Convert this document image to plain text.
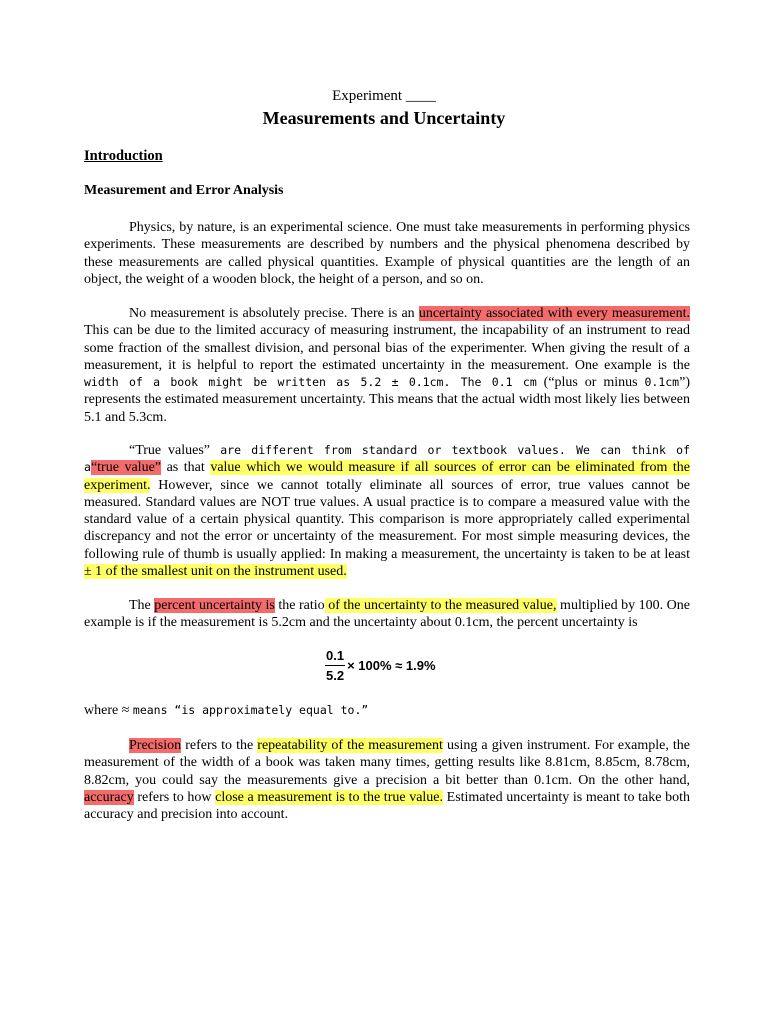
Experiment ____
Measurements and Uncertainty
Introduction
Measurement and Error Analysis

Physics, by nature, is an experimental science. One must take measurements in performing physics experiments. These measurements are described by numbers and the physical phenomena described by these measurements are called physical quantities. Example of physical quantities are the length of an object, the weight of a wooden block, the height of a person, and so on.

No measurement is absolutely precise. There is an uncertainty associated with every measurement. This can be due to the limited accuracy of measuring instrument, the incapability of an instrument to read some fraction of the smallest division, and personal bias of the experimenter. When giving the result of a measurement, it is helpful to report the estimated uncertainty in the measurement. One example is the width of a book might be written as 5.2 ± 0.1cm. The 0.1 cm (“plus or minus 0.1cm”) represents the estimated measurement uncertainty. This means that the actual width most likely lies between 5.1 and 5.3cm.

“True values” are different from standard or textbook values. We can think of a“true value” as that value which we would measure if all sources of error can be eliminated from the experiment. However, since we cannot totally eliminate all sources of error, true values cannot be measured. Standard values are NOT true values. A usual practice is to compare a measured value with the standard value of a certain physical quantity. This comparison is more appropriately called experimental discrepancy and not the error or uncertainty of the measurement. For most simple measuring devices, the following rule of thumb is usually applied: In making a measurement, the uncertainty is taken to be at least ± 1 of the smallest unit on the instrument used.

The percent uncertainty is the ratio of the uncertainty to the measured value, multiplied by 100. One example is if the measurement is 5.2cm and the uncertainty about 0.1cm, the percent uncertainty is

$\frac{0.1}{5.2} \times 100\% \approx 1.9\%$
where ≈ means “is approximately equal to.”

Precision refers to the repeatability of the measurement using a given instrument. For example, the measurement of the width of a book was taken many times, getting results like 8.81cm, 8.85cm, 8.78cm, 8.82cm, you could say the measurements give a precision a bit better than 0.1cm. On the other hand, accuracy refers to how close a measurement is to the true value. Estimated uncertainty is meant to take both accuracy and precision into account.
